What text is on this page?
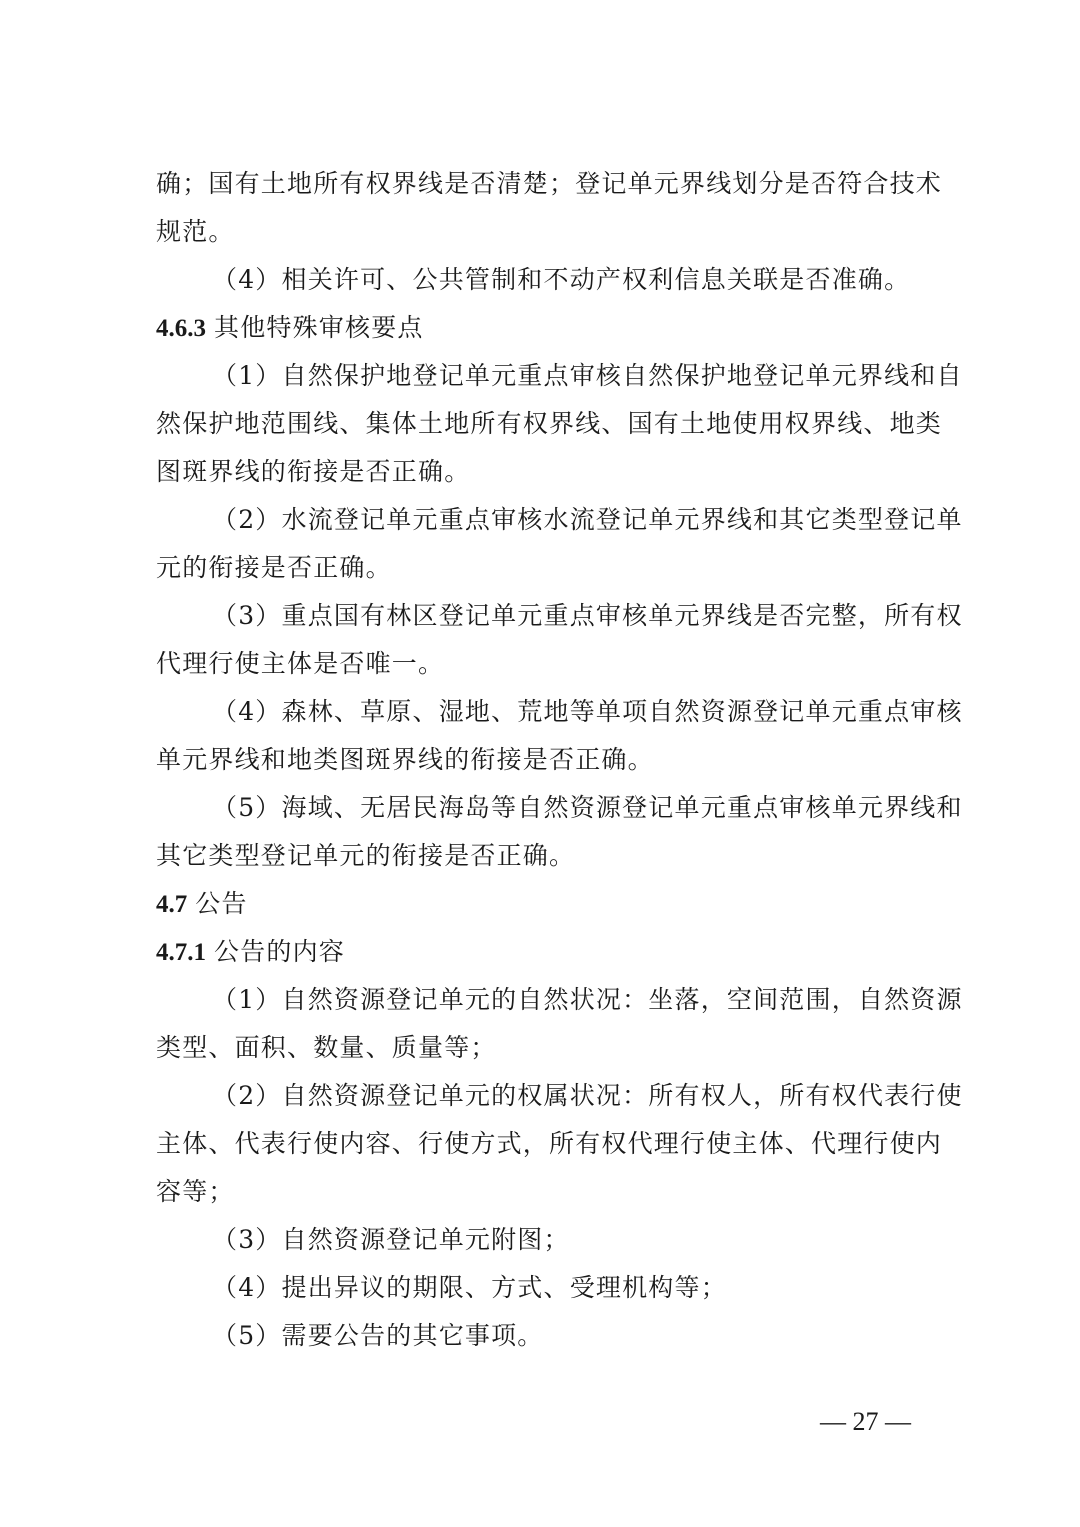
确；国有土地所有权界线是否清楚；登记单元界线划分是否符合技术
规范。
（4）相关许可、公共管制和不动产权利信息关联是否准确。
4.6.3 其他特殊审核要点
（1）自然保护地登记单元重点审核自然保护地登记单元界线和自
然保护地范围线、集体土地所有权界线、国有土地使用权界线、地类
图斑界线的衔接是否正确。
（2）水流登记单元重点审核水流登记单元界线和其它类型登记单
元的衔接是否正确。
（3）重点国有林区登记单元重点审核单元界线是否完整，所有权
代理行使主体是否唯一。
（4）森林、草原、湿地、荒地等单项自然资源登记单元重点审核
单元界线和地类图斑界线的衔接是否正确。
（5）海域、无居民海岛等自然资源登记单元重点审核单元界线和
其它类型登记单元的衔接是否正确。
4.7 公告
4.7.1 公告的内容
（1）自然资源登记单元的自然状况：坐落，空间范围，自然资源
类型、面积、数量、质量等；
（2）自然资源登记单元的权属状况：所有权人，所有权代表行使
主体、代表行使内容、行使方式，所有权代理行使主体、代理行使内
容等；
（3）自然资源登记单元附图；
（4）提出异议的期限、方式、受理机构等；
（5）需要公告的其它事项。
— 27 —
